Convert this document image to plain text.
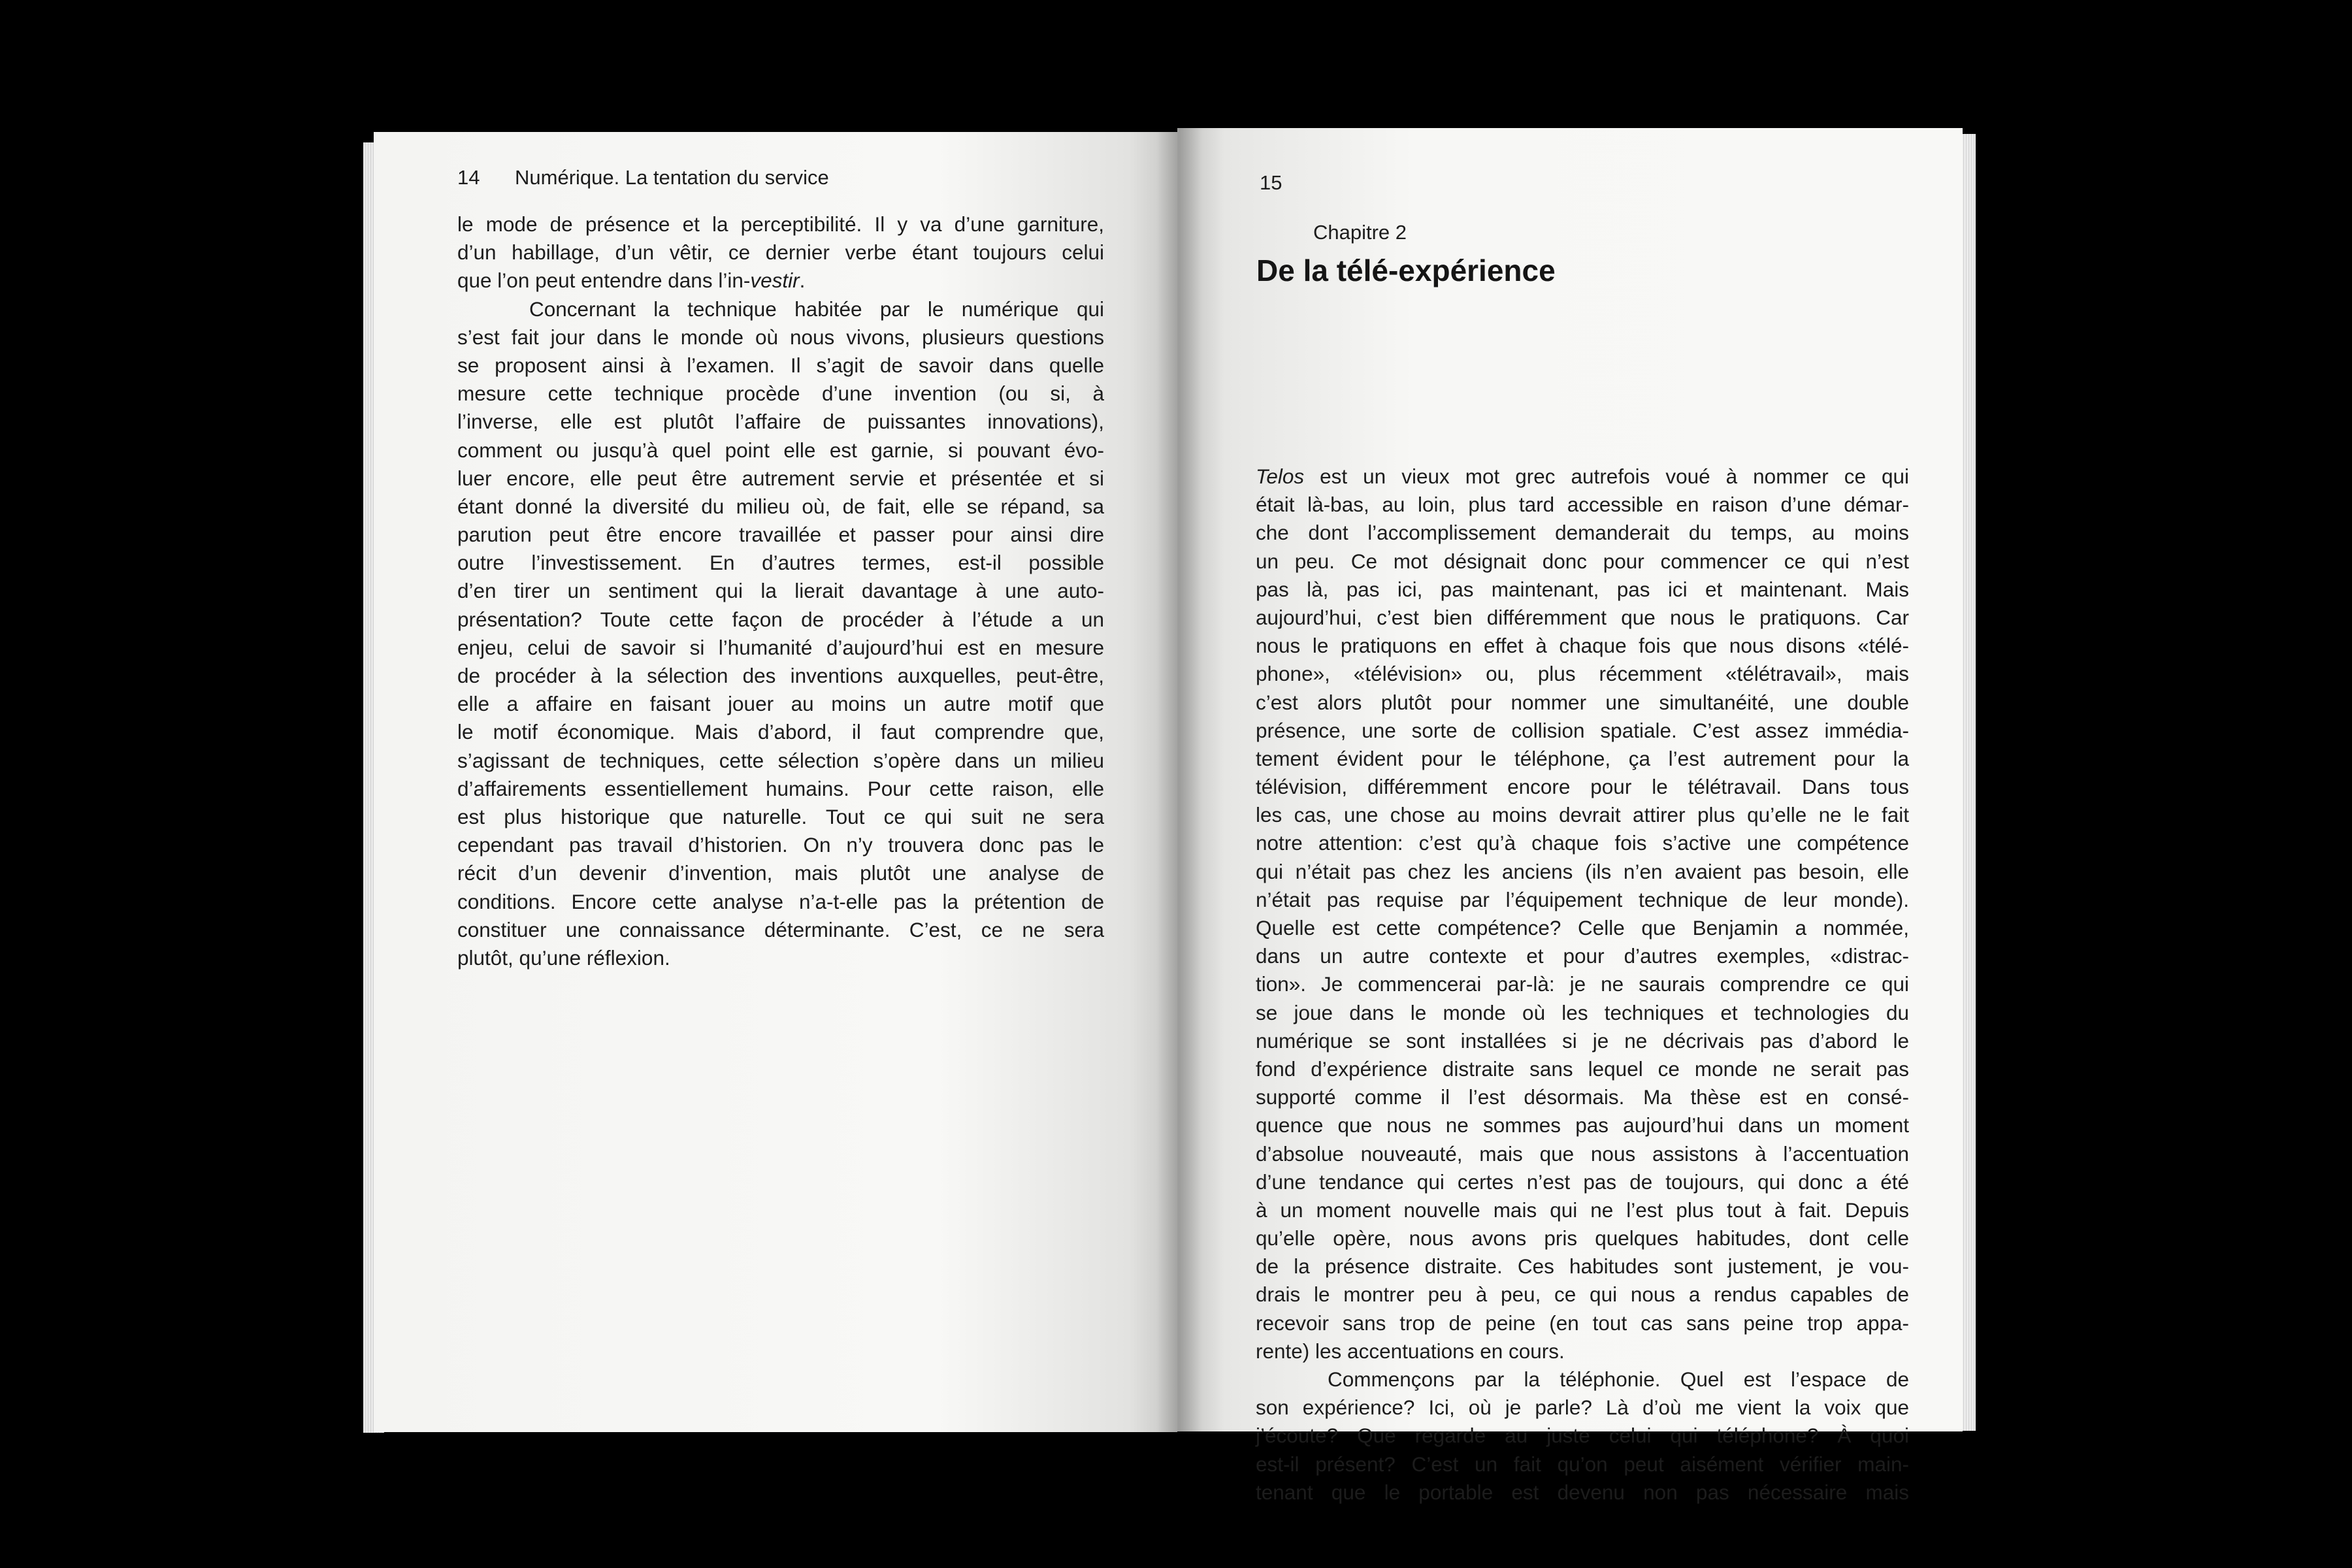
14 Numérique. La tentation du service
le mode de présence et la perceptibilité. Il y va d’une garniture,
d’un habillage, d’un vêtir, ce dernier verbe étant toujours celui
que l’on peut entendre dans l’in-vestir.
Concernant la technique habitée par le numérique qui
s’est fait jour dans le monde où nous vivons, plusieurs questions
se proposent ainsi à l’examen. Il s’agit de savoir dans quelle
mesure cette technique procède d’une invention (ou si, à
l’inverse, elle est plutôt l’affaire de puissantes innovations),
comment ou jusqu’à quel point elle est garnie, si pouvant évo-
luer encore, elle peut être autrement servie et présentée et si
étant donné la diversité du milieu où, de fait, elle se répand, sa
parution peut être encore travaillée et passer pour ainsi dire
outre l’investissement. En d’autres termes, est-il possible
d’en tirer un sentiment qui la lierait davantage à une auto-
présentation? Toute cette façon de procéder à l’étude a un
enjeu, celui de savoir si l’humanité d’aujourd’hui est en mesure
de procéder à la sélection des inventions auxquelles, peut-être,
elle a affaire en faisant jouer au moins un autre motif que
le motif économique. Mais d’abord, il faut comprendre que,
s’agissant de techniques, cette sélection s’opère dans un milieu
d’affairements essentiellement humains. Pour cette raison, elle
est plus historique que naturelle. Tout ce qui suit ne sera
cependant pas travail d’historien. On n’y trouvera donc pas le
récit d’un devenir d’invention, mais plutôt une analyse de
conditions. Encore cette analyse n’a-t-elle pas la prétention de
constituer une connaissance déterminante. C’est, ce ne sera
plutôt, qu’une réflexion.
15
Chapitre 2
De la télé-expérience
Telos est un vieux mot grec autrefois voué à nommer ce qui
était là-bas, au loin, plus tard accessible en raison d’une démar-
che dont l’accomplissement demanderait du temps, au moins
un peu. Ce mot désignait donc pour commencer ce qui n’est
pas là, pas ici, pas maintenant, pas ici et maintenant. Mais
aujourd’hui, c’est bien différemment que nous le pratiquons. Car
nous le pratiquons en effet à chaque fois que nous disons «télé-
phone», «télévision» ou, plus récemment «télétravail», mais
c’est alors plutôt pour nommer une simultanéité, une double
présence, une sorte de collision spatiale. C’est assez immédia-
tement évident pour le téléphone, ça l’est autrement pour la
télévision, différemment encore pour le télétravail. Dans tous
les cas, une chose au moins devrait attirer plus qu’elle ne le fait
notre attention: c’est qu’à chaque fois s’active une compétence
qui n’était pas chez les anciens (ils n’en avaient pas besoin, elle
n’était pas requise par l’équipement technique de leur monde).
Quelle est cette compétence? Celle que Benjamin a nommée,
dans un autre contexte et pour d’autres exemples, «distrac-
tion». Je commencerai par-là: je ne saurais comprendre ce qui
se joue dans le monde où les techniques et technologies du
numérique se sont installées si je ne décrivais pas d’abord le
fond d’expérience distraite sans lequel ce monde ne serait pas
supporté comme il l’est désormais. Ma thèse est en consé-
quence que nous ne sommes pas aujourd’hui dans un moment
d’absolue nouveauté, mais que nous assistons à l’accentuation
d’une tendance qui certes n’est pas de toujours, qui donc a été
à un moment nouvelle mais qui ne l’est plus tout à fait. Depuis
qu’elle opère, nous avons pris quelques habitudes, dont celle
de la présence distraite. Ces habitudes sont justement, je vou-
drais le montrer peu à peu, ce qui nous a rendus capables de
recevoir sans trop de peine (en tout cas sans peine trop appa-
rente) les accentuations en cours.
Commençons par la téléphonie. Quel est l’espace de
son expérience? Ici, où je parle? Là d’où me vient la voix que
j’écoute? Que regarde au juste celui qui téléphone? À quoi
est-il présent? C’est un fait qu’on peut aisément vérifier main-
tenant que le portable est devenu non pas nécessaire mais
